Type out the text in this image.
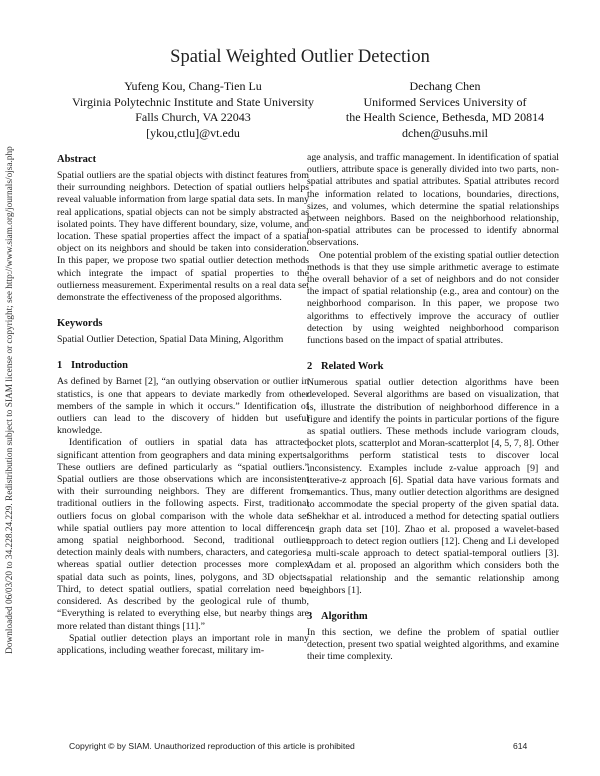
Downloaded 06/03/20 to 34.228.24.229. Redistribution subject to SIAM license or copyright; see http://www.siam.org/journals/ojsa.php
Spatial Weighted Outlier Detection
Yufeng Kou, Chang-Tien Lu
Virginia Polytechnic Institute and State University
Falls Church, VA 22043
[ykou,ctlu]@vt.edu
Dechang Chen
Uniformed Services University of
the Health Science, Bethesda, MD 20814
dchen@usuhs.mil
Abstract

Spatial outliers are the spatial objects with distinct features from their surrounding neighbors. Detection of spatial outliers helps reveal valuable information from large spatial data sets. In many real applications, spatial objects can not be simply abstracted as isolated points. They have different boundary, size, volume, and location. These spatial properties affect the impact of a spatial object on its neighbors and should be taken into consideration. In this paper, we propose two spatial outlier detection methods which integrate the impact of spatial properties to the outlierness measurement. Experimental results on a real data set demonstrate the effectiveness of the proposed algorithms.

Keywords

Spatial Outlier Detection, Spatial Data Mining, Algorithm

1 Introduction

As defined by Barnet [2], “an outlying observation or outlier in statistics, is one that appears to deviate markedly from other members of the sample in which it occurs.” Identification of outliers can lead to the discovery of hidden but useful knowledge.

Identification of outliers in spatial data has attracted significant attention from geographers and data mining experts. These outliers are defined particularly as “spatial outliers.” Spatial outliers are those observations which are inconsistent with their surrounding neighbors. They are different from traditional outliers in the following aspects. First, traditional outliers focus on global comparison with the whole data set while spatial outliers pay more attention to local differences among spatial neighborhood. Second, traditional outlier detection mainly deals with numbers, characters, and categories, whereas spatial outlier detection processes more complex spatial data such as points, lines, polygons, and 3D objects. Third, to detect spatial outliers, spatial correlation need be considered. As described by the geological rule of thumb, “Everything is related to everything else, but nearby things are more related than distant things [11].”

Spatial outlier detection plays an important role in many applications, including weather forecast, military im-

age analysis, and traffic management. In identification of spatial outliers, attribute space is generally divided into two parts, non-spatial attributes and spatial attributes. Spatial attributes record the information related to locations, boundaries, directions, sizes, and volumes, which determine the spatial relationships between neighbors. Based on the neighborhood relationship, non-spatial attributes can be processed to identify abnormal observations.

One potential problem of the existing spatial outlier detection methods is that they use simple arithmetic average to estimate the overall behavior of a set of neighbors and do not consider the impact of spatial relationship (e.g., area and contour) on the neighborhood comparison. In this paper, we propose two algorithms to effectively improve the accuracy of outlier detection by using weighted neighborhood comparison functions based on the impact of spatial attributes.

2 Related Work

Numerous spatial outlier detection algorithms have been developed. Several algorithms are based on visualization, that is, illustrate the distribution of neighborhood difference in a figure and identify the points in particular portions of the figure as spatial outliers. These methods include variogram clouds, pocket plots, scatterplot and Moran-scatterplot [4, 5, 7, 8]. Other algorithms perform statistical tests to discover local inconsistency. Examples include z-value approach [9] and iterative-z approach [6]. Spatial data have various formats and semantics. Thus, many outlier detection algorithms are designed to accommodate the special property of the given spatial data. Shekhar et al. introduced a method for detecting spatial outliers in graph data set [10]. Zhao et al. proposed a wavelet-based approach to detect region outliers [12]. Cheng and Li developed a multi-scale approach to detect spatial-temporal outliers [3]. Adam et al. proposed an algorithm which considers both the spatial relationship and the semantic relationship among neighbors [1].

3 Algorithm

In this section, we define the problem of spatial outlier detection, present two spatial weighted algorithms, and examine their time complexity.

Copyright © by SIAM. Unauthorized reproduction of this article is prohibited	614
